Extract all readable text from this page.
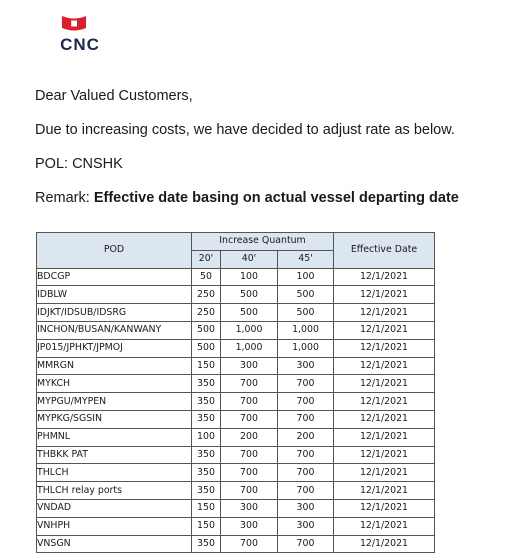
CNC
Dear Valued Customers,
Due to increasing costs, we have decided to adjust rate as below.
POL: CNSHK
Remark: Effective date basing on actual vessel departing date
POD	Increase Quantum			Effective Date
	20'	40'	45'	
BDCGP	50	100	100	12/1/2021
IDBLW	250	500	500	12/1/2021
IDJKT/IDSUB/IDSRG	250	500	500	12/1/2021
INCHON/BUSAN/KANWANY	500	1,000	1,000	12/1/2021
JP015/JPHKT/JPMOJ	500	1,000	1,000	12/1/2021
MMRGN	150	300	300	12/1/2021
MYKCH	350	700	700	12/1/2021
MYPGU/MYPEN	350	700	700	12/1/2021
MYPKG/SGSIN	350	700	700	12/1/2021
PHMNL	100	200	200	12/1/2021
THBKK PAT	350	700	700	12/1/2021
THLCH	350	700	700	12/1/2021
THLCH relay ports	350	700	700	12/1/2021
VNDAD	150	300	300	12/1/2021
VNHPH	150	300	300	12/1/2021
VNSGN	350	700	700	12/1/2021
